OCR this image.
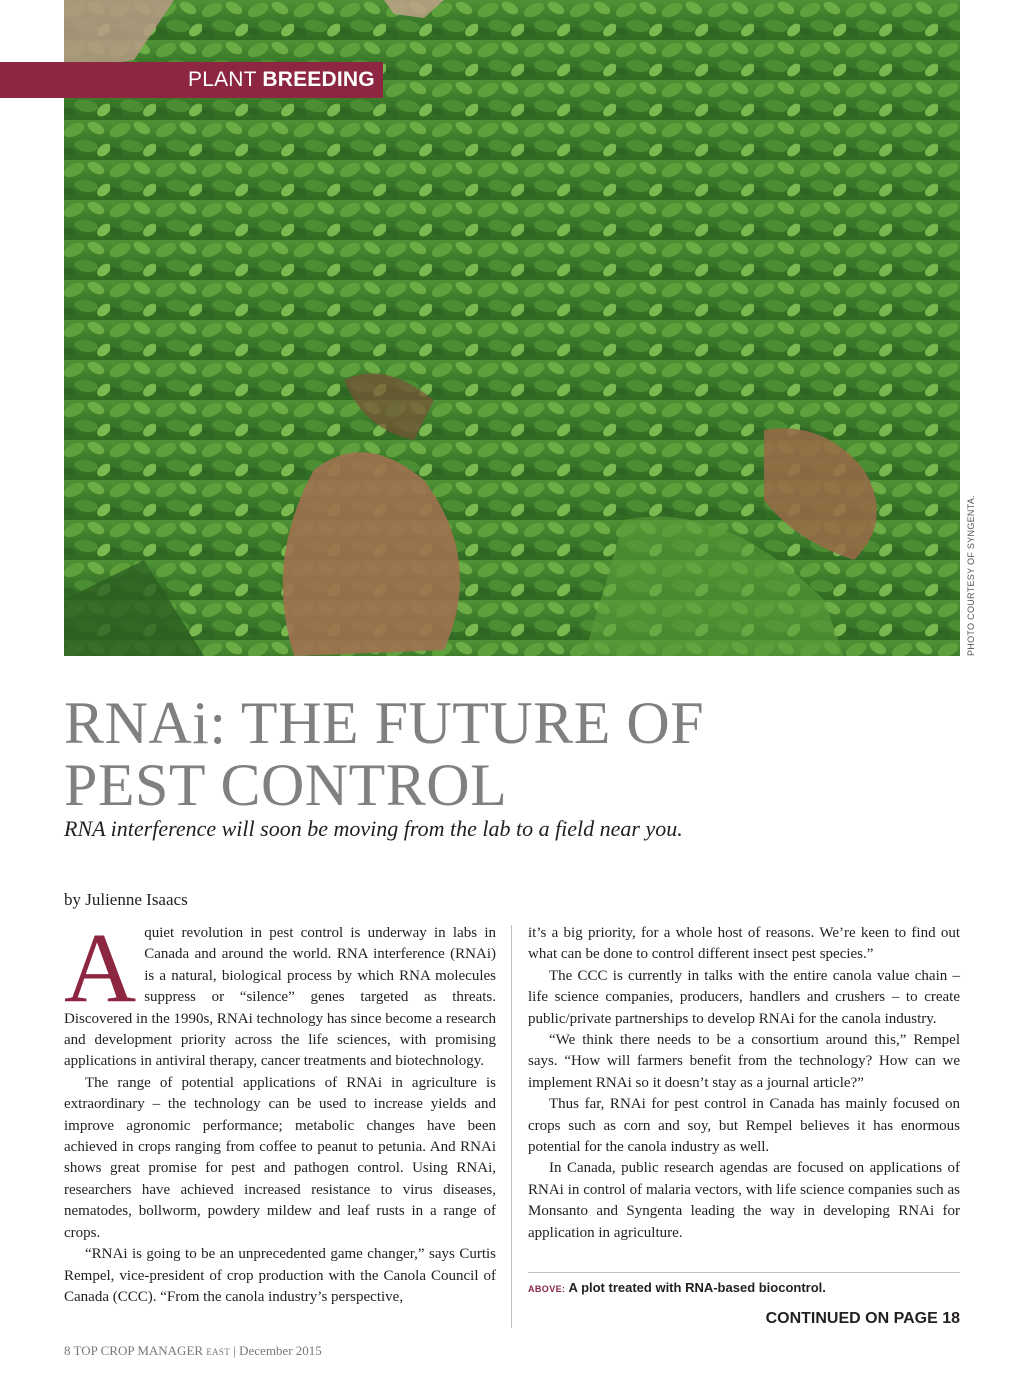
PLANT BREEDING
PHOTO COURTESY OF SYNGENTA.
RNAi: THE FUTURE OF
PEST CONTROL
RNA interference will soon be moving from the lab to a field near you.
by Julienne Isaacs

Aquiet revolution in pest control is underway in labs in Canada and around the world. RNA interference (RNAi) is a natural, biological process by which RNA molecules suppress or “silence” genes targeted as threats. Discovered in the 1990s, RNAi technology has since become a research and development priority across the life sciences, with promising applications in antiviral therapy, cancer treatments and biotechnology.

The range of potential applications of RNAi in agriculture is extraordinary – the technology can be used to increase yields and improve agronomic performance; metabolic changes have been achieved in crops ranging from coffee to peanut to petunia. And RNAi shows great promise for pest and pathogen control. Using RNAi, researchers have achieved increased resistance to virus diseases, nematodes, bollworm, powdery mildew and leaf rusts in a range of crops.

“RNAi is going to be an unprecedented game changer,” says Curtis Rempel, vice-president of crop production with the Canola Council of Canada (CCC). “From the canola industry’s perspective,

it’s a big priority, for a whole host of reasons. We’re keen to find out what can be done to control different insect pest species.”

The CCC is currently in talks with the entire canola value chain – life science companies, producers, handlers and crushers – to create public/private partnerships to develop RNAi for the canola industry.

“We think there needs to be a consortium around this,” Rempel says. “How will farmers benefit from the technology? How can we implement RNAi so it doesn’t stay as a journal article?”

Thus far, RNAi for pest control in Canada has mainly focused on crops such as corn and soy, but Rempel believes it has enormous potential for the canola industry as well.

In Canada, public research agendas are focused on applications of RNAi in control of malaria vectors, with life science companies such as Monsanto and Syngenta leading the way in developing RNAi for application in agriculture.

ABOVE: A plot treated with RNA-based biocontrol.
CONTINUED ON PAGE 18
8 TOP CROP MANAGER EAST | December 2015
